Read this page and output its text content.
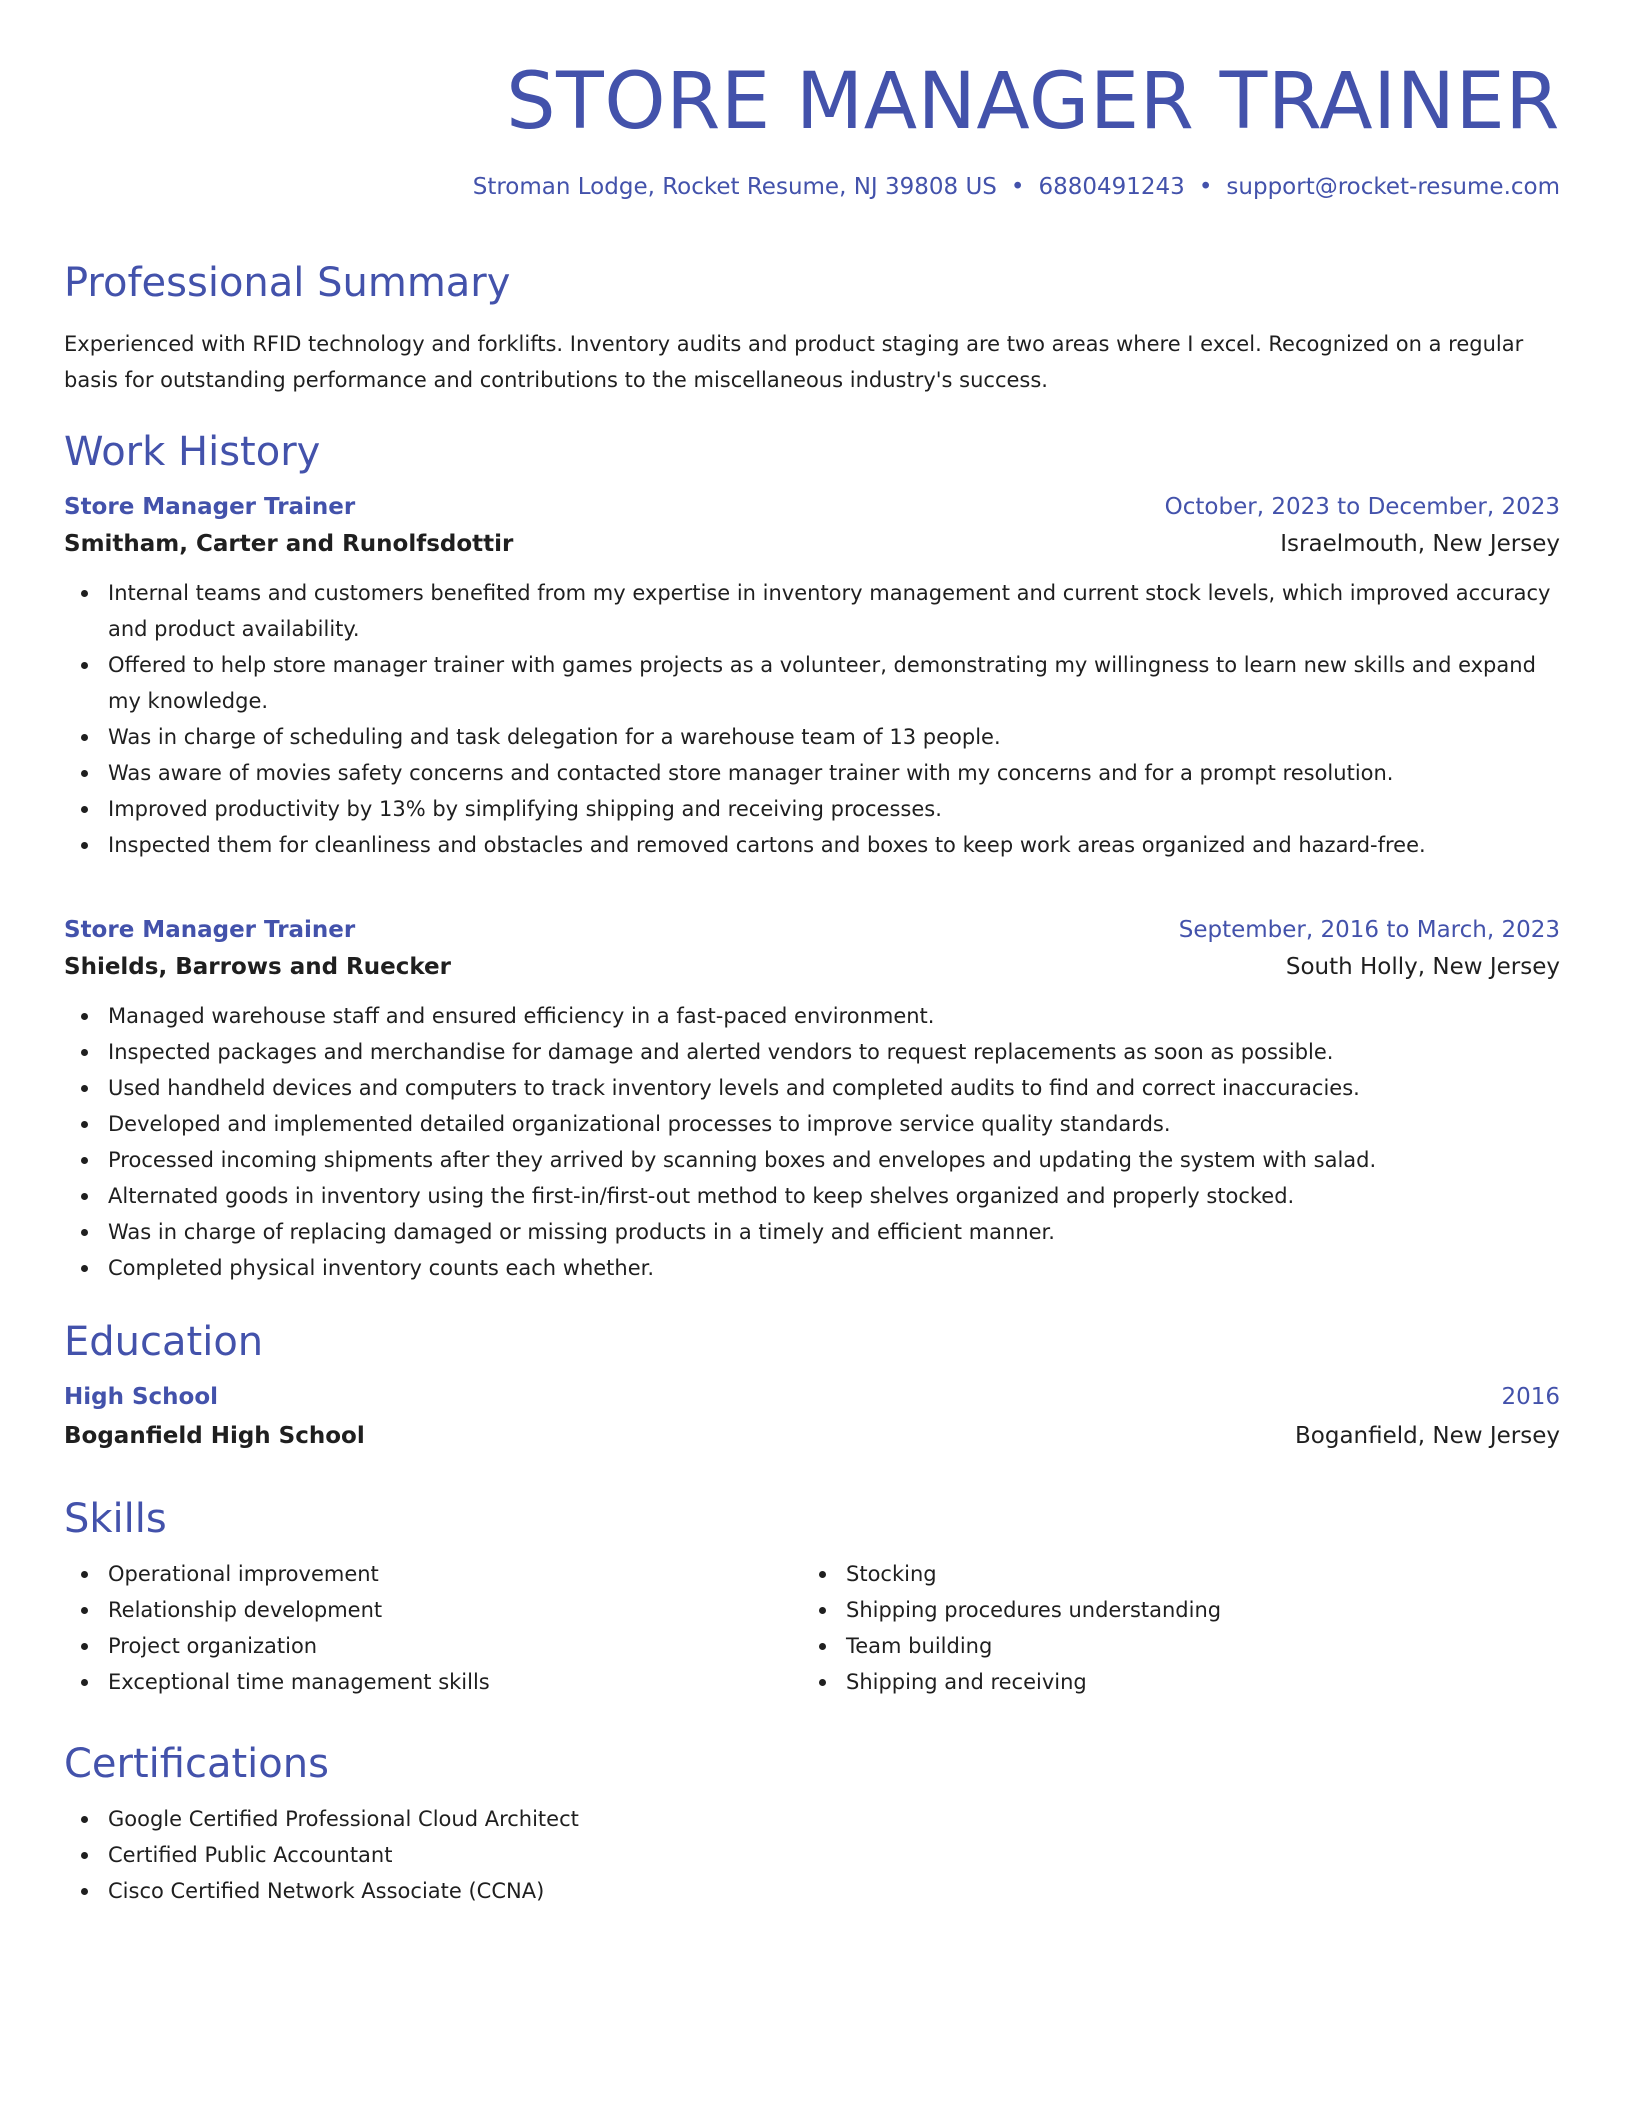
STORE MANAGER TRAINER
Stroman Lodge, Rocket Resume, NJ 39808 US • 6880491243 • support@rocket-resume.com
Professional Summary

Experienced with RFID technology and forklifts. Inventory audits and product staging are two areas where I excel. Recognized on a regular basis for outstanding performance and contributions to the miscellaneous industry's success.

Work History
Store Manager Trainer	October, 2023 to December, 2023
Smitham, Carter and Runolfsdottir	Israelmouth, New Jersey
Internal teams and customers benefited from my expertise in inventory management and current stock levels, which improved accuracy and product availability.
Offered to help store manager trainer with games projects as a volunteer, demonstrating my willingness to learn new skills and expand my knowledge.
Was in charge of scheduling and task delegation for a warehouse team of 13 people.
Was aware of movies safety concerns and contacted store manager trainer with my concerns and for a prompt resolution.
Improved productivity by 13% by simplifying shipping and receiving processes.
Inspected them for cleanliness and obstacles and removed cartons and boxes to keep work areas organized and hazard-free.
Store Manager Trainer	September, 2016 to March, 2023
Shields, Barrows and Ruecker	South Holly, New Jersey
Managed warehouse staff and ensured efficiency in a fast-paced environment.
Inspected packages and merchandise for damage and alerted vendors to request replacements as soon as possible.
Used handheld devices and computers to track inventory levels and completed audits to find and correct inaccuracies.
Developed and implemented detailed organizational processes to improve service quality standards.
Processed incoming shipments after they arrived by scanning boxes and envelopes and updating the system with salad.
Alternated goods in inventory using the first-in/first-out method to keep shelves organized and properly stocked.
Was in charge of replacing damaged or missing products in a timely and efficient manner.
Completed physical inventory counts each whether.
Education
High School	2016
Boganfield High School	Boganfield, New Jersey
Skills
Operational improvement
Relationship development
Project organization
Exceptional time management skills
Stocking
Shipping procedures understanding
Team building
Shipping and receiving
Certifications
Google Certified Professional Cloud Architect
Certified Public Accountant
Cisco Certified Network Associate (CCNA)
